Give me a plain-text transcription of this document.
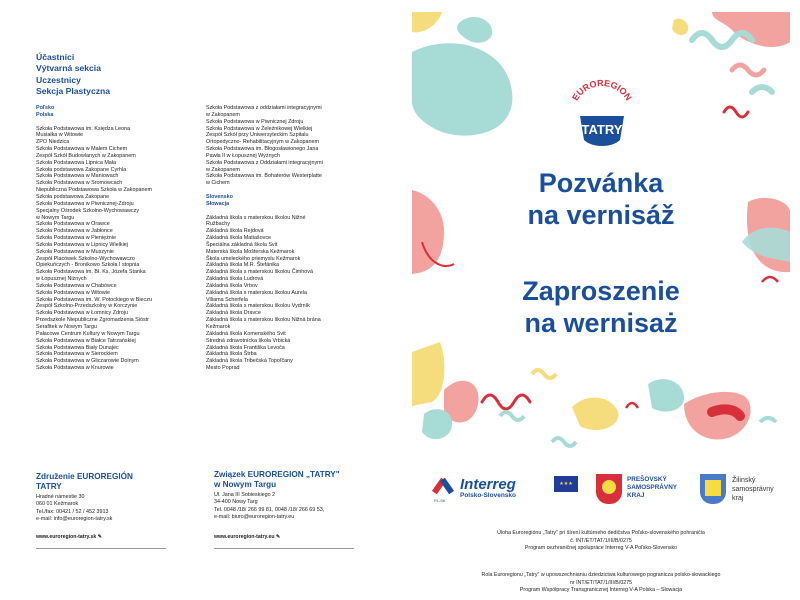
Účastníci
Výtvarná sekcia
Uczestnicy
Sekcja Plastyczna
Poľsko
Polska
Szkoła Podstawowa im. Księdza Leona
Musiałka w Witowie
ZPO Niedzica
Szkoła Podstawowa w Małem Cichem
Zespół Szkół Budowlanych w Zakopanem
Szkoła Podstawowa Lipnica Mała
Szkoła podstawowa Zakopane Cyrhla
Szkoła Podstawowa w Maniowach
Szkoła Podstawowa w Sromowcach
Niepubliczna Podstawowa Szkoła w Zakopanem
Szkoła podstawowa Zakopane
Szkoła Podstawowa w Piwnicznej-Zdroju
Specjalny Ośrodek Szkolno-Wychowawczy
w Nowym Targu
Szkoła Podstawowa w Orawce
Szkoła Podstawowa w Jabłonce
Szkoła Podstawowa w Pieniężnie
Szkoła Podstawowa w Lipnicy Wielkiej
Szkoła Podstawowa w Muszynie
Zespół Placówek Szkolno-Wychowawczo
Opiekuńczych - Bronikowo Szkoła I stopnia
Szkoła Podstawowa im. Bł. Ks. Józefa Stanka
w Łopusznej Niżnych
Szkoła Podstawowa w Chabówce
Szkoła Podstawowa w Witowie
Szkoła Podstawowa im. W. Potockiego w Bieczu
Zespół Szkolno-Przedszkolny w Korczynie
Szkoła Podstawowa w Łomnicy Zdroju
Przedszkole Niepubliczne Zgromadzenia Sióstr
Serafitek w Nowym Targu
Pałacowe Centrum Kultury w Nowym Targu
Szkoła Podstawowa w Białce Tatrzańskiej
Szkoła Podstawowa Biały Dunajec
Szkoła Podstawowa w Sierockiem
Szkoła Podstawowa w Gliczarowie Dolnym
Szkoła Podstawowa w Knurowie
Szkoła Podstawowa z oddziałami integracyjnymi
w Zakopanem
Szkoła Podstawowa w Piwnicznej Zdroju
Szkoła Podstawowa w Żeleźnikowej Wielkiej
Zespół Szkół przy Uniwersyteckim Szpitalu
Ortopedyczno- Rehabilitacyjnym w Zakopanem
Szkoła Podstawowa im. Błogosławionego Jana
Pawła II w Łopusznej Wyżnych
Szkoła Podstawowa z Oddziałami integracyjnymi
w Zakopanem
Szkoła Podstawowa im. Bohaterów Westerplatte
w Cichem
Slovensko
Słowacja
Základná škola s materskou školou Nižné
Ružbachy
Základná škola Rejdová
Základná škola Matiašovce
Špeciálna základná škola Svit
Materská škola Mošterska Kežmarok
Škola umeleckého priemyslu Kežmarok
Základná škola M.R. Štefánika
Základná škola s materskou školou Čimhová
Základná škola Ludrová
Základná škola Vrbov
Základná škola s materskou školou Aurela
Viliama Scherfela
Základná škola s materskou školou Vydrník
Základná škola Dravce
Základná škola s materskou školou Nižná brána
Kežmarok
Základná škola Komenského Svit
Stredná zdravotnícka škola Vrbická
Základná škola Františka Levoča
Základná škola Štrba
Základná škola Tribečská Topoľčany
Mesto Poprad
Združenie EUROREGIÓN
TATRY
Hradné námestie 30
060 01 Kežmarok
Tel./fax: 00421 / 52 / 452 3913
e-mail: info@euroregion-tatry.sk
Związek EUROREGION „TATRY"
w Nowym Targu
Ul. Jana III Sobieskiego 2
34-400 Nowy Targ
Tel. 0048 /18/ 266 99 81, 0048 /18/ 266 69 53,
e-mail: biuro@euroregion-tatry.eu
www.euroregion-tatry.sk ✎	www.euroregion-tatry.eu ✎
EUROREGION
TATRY
Pozvánka
na vernisáž
Zaproszenie
na wernisaż
PL-SK
Interreg
Polsko-Slovensko
★★★
PREŠOVSKÝ
SAMOSPRÁVNY
KRAJ
Žilinský
samosprávny
kraj
Úloha Euroregiónu „Tatry" pri šírení kultúrneho dedičstva Poľsko-slovenského pohraničia
č. INT/ET/TAT/1/III/B/0275
Program cezhraničnej spolupráce Interreg V-A Poľsko-Slovensko
Rola Euroregionu „Tatry" w upowszechnianiu dziedzictwa kulturowego pogranicza polsko-słowackiego
nr INT/ET/TAT/1/III/B/0275
Program Współpracy Transgranicznej Interreg V-A Polska – Słowacja
